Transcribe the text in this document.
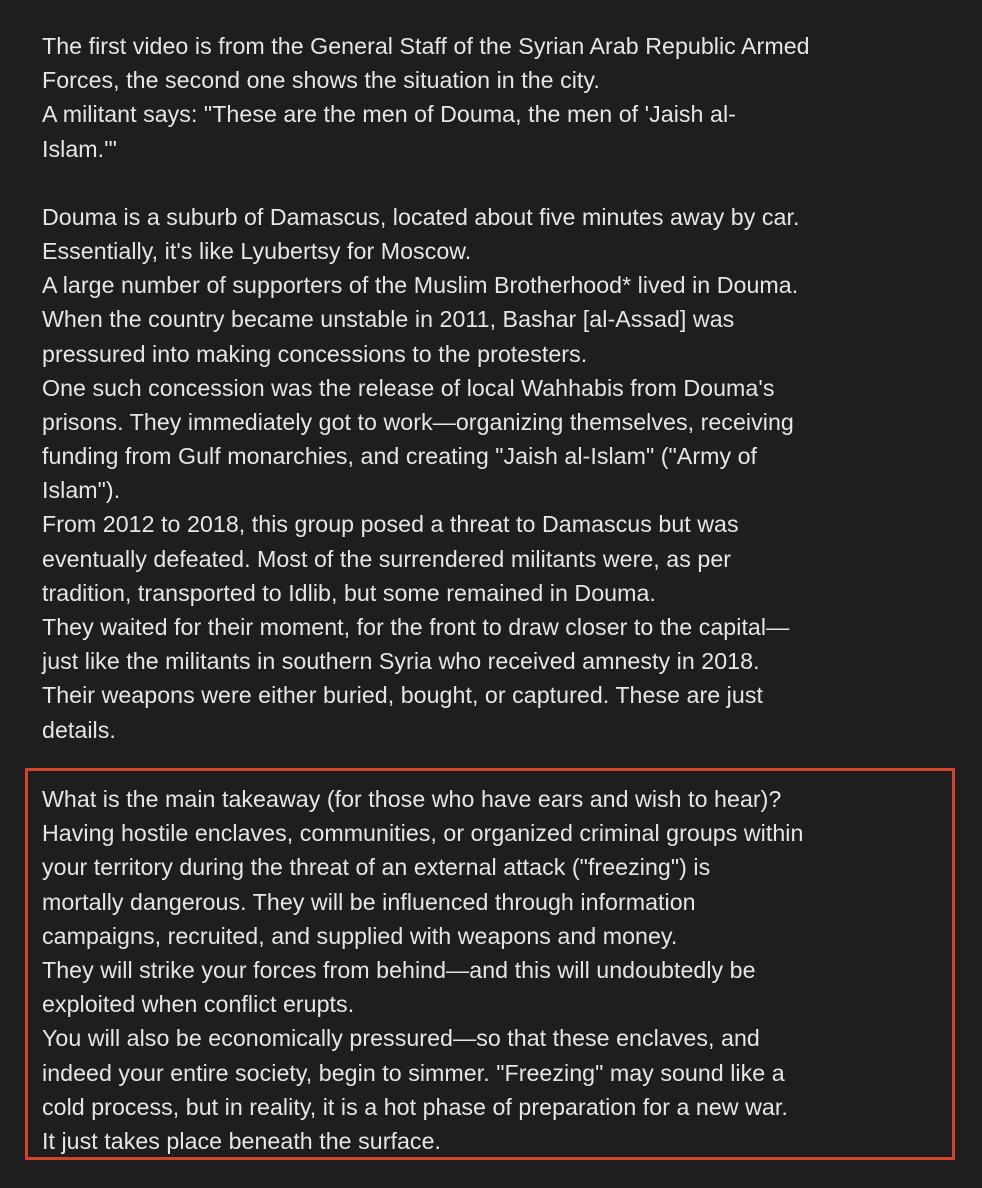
The first video is from the General Staff of the Syrian Arab Republic Armed
Forces, the second one shows the situation in the city.
A militant says: "These are the men of Douma, the men of 'Jaish al-
Islam.'"
Douma is a suburb of Damascus, located about five minutes away by car.
Essentially, it's like Lyubertsy for Moscow.
A large number of supporters of the Muslim Brotherhood* lived in Douma.
When the country became unstable in 2011, Bashar [al-Assad] was
pressured into making concessions to the protesters.
One such concession was the release of local Wahhabis from Douma's
prisons. They immediately got to work—organizing themselves, receiving
funding from Gulf monarchies, and creating "Jaish al-Islam" ("Army of
Islam").
From 2012 to 2018, this group posed a threat to Damascus but was
eventually defeated. Most of the surrendered militants were, as per
tradition, transported to Idlib, but some remained in Douma.
They waited for their moment, for the front to draw closer to the capital—
just like the militants in southern Syria who received amnesty in 2018.
Their weapons were either buried, bought, or captured. These are just
details.
What is the main takeaway (for those who have ears and wish to hear)?
Having hostile enclaves, communities, or organized criminal groups within
your territory during the threat of an external attack ("freezing") is
mortally dangerous. They will be influenced through information
campaigns, recruited, and supplied with weapons and money.
They will strike your forces from behind—and this will undoubtedly be
exploited when conflict erupts.
You will also be economically pressured—so that these enclaves, and
indeed your entire society, begin to simmer. "Freezing" may sound like a
cold process, but in reality, it is a hot phase of preparation for a new war.
It just takes place beneath the surface.
